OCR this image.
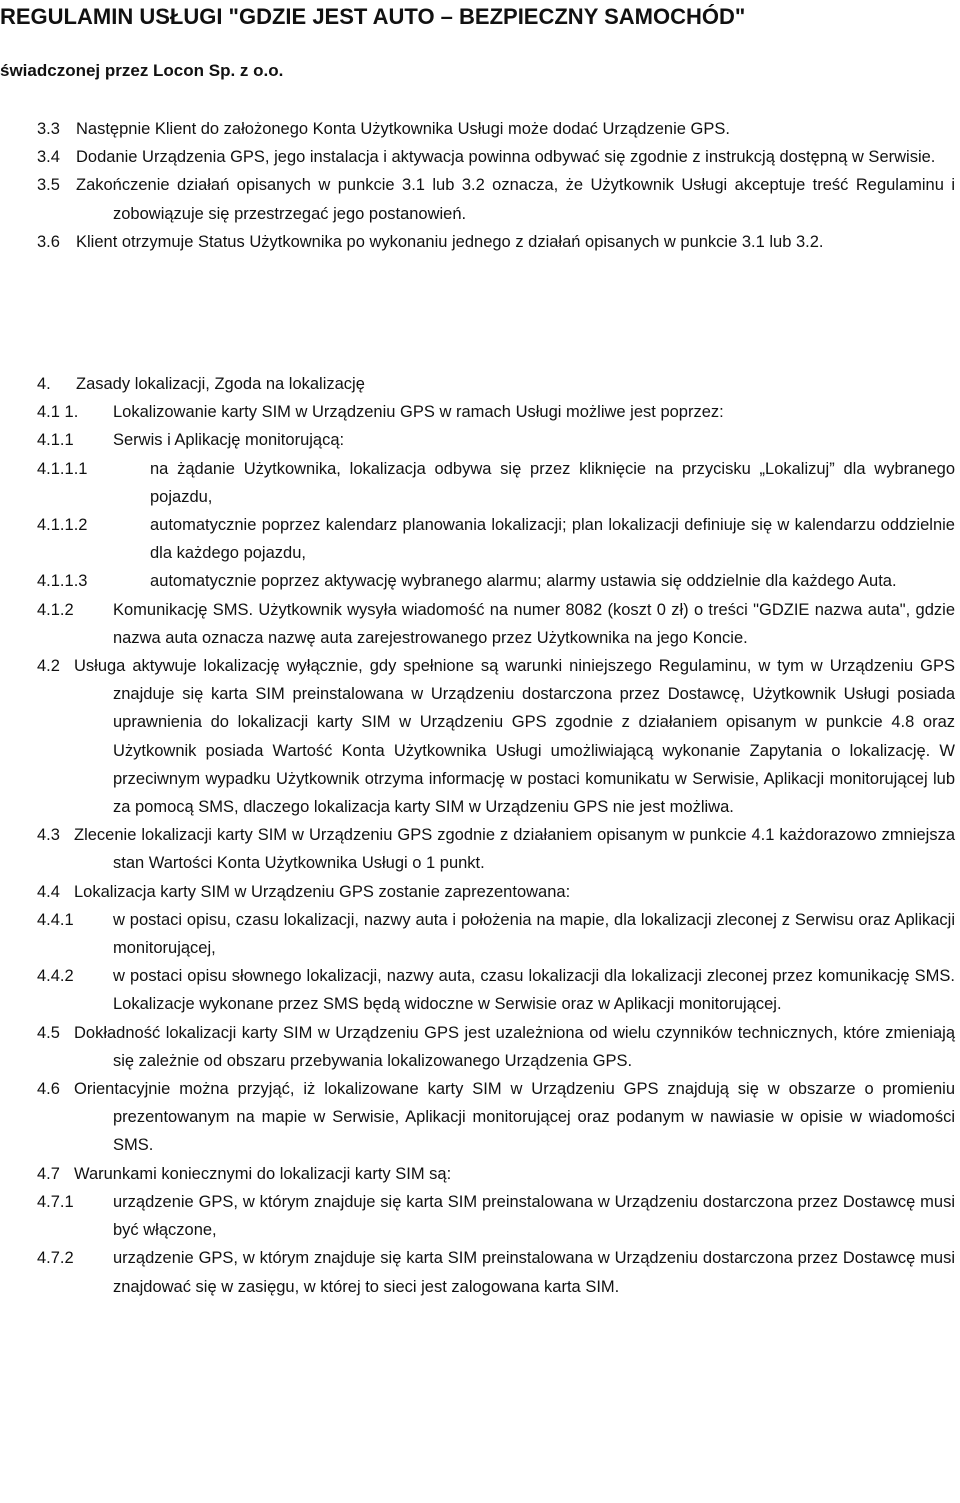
REGULAMIN USŁUGI "GDZIE JEST AUTO – BEZPIECZNY SAMOCHÓD"
świadczonej przez Locon Sp. z o.o.
3.3 Następnie Klient do założonego Konta Użytkownika Usługi może dodać Urządzenie GPS.
3.4 Dodanie Urządzenia GPS, jego instalacja i aktywacja powinna odbywać się zgodnie z instrukcją dostępną w Serwisie.
3.5 Zakończenie działań opisanych w punkcie 3.1 lub 3.2 oznacza, że Użytkownik Usługi akceptuje treść Regulaminu i zobowiązuje się przestrzegać jego postanowień.
3.6 Klient otrzymuje Status Użytkownika po wykonaniu jednego z działań opisanych w punkcie 3.1 lub 3.2.
4.	Zasady lokalizacji, Zgoda na lokalizację
4.1 1.	Lokalizowanie karty SIM w Urządzeniu GPS w ramach Usługi możliwe jest poprzez:
4.1.1	Serwis i Aplikację monitorującą:
4.1.1.1	na żądanie Użytkownika, lokalizacja odbywa się przez kliknięcie na przycisku „Lokalizuj” dla wybranego pojazdu,
4.1.1.2	automatycznie poprzez kalendarz planowania lokalizacji; plan lokalizacji definiuje się w kalendarzu oddzielnie dla każdego pojazdu,
4.1.1.3	automatycznie poprzez aktywację wybranego alarmu; alarmy ustawia się oddzielnie dla każdego Auta.
4.1.2	Komunikację SMS. Użytkownik wysyła wiadomość na numer 8082 (koszt 0 zł) o treści "GDZIE nazwa auta", gdzie nazwa auta oznacza nazwę auta zarejestrowanego przez Użytkownika na jego Koncie.
4.2 Usługa aktywuje lokalizację wyłącznie, gdy spełnione są warunki niniejszego Regulaminu, w tym w Urządzeniu GPS znajduje się karta SIM preinstalowana w Urządzeniu dostarczona przez Dostawcę, Użytkownik Usługi posiada uprawnienia do lokalizacji karty SIM w Urządzeniu GPS zgodnie z działaniem opisanym w punkcie 4.8 oraz Użytkownik posiada Wartość Konta Użytkownika Usługi umożliwiającą wykonanie Zapytania o lokalizację. W przeciwnym wypadku Użytkownik otrzyma informację w postaci komunikatu w Serwisie, Aplikacji monitorującej lub za pomocą SMS, dlaczego lokalizacja karty SIM w Urządzeniu GPS nie jest możliwa.
4.3 Zlecenie lokalizacji karty SIM w Urządzeniu GPS zgodnie z działaniem opisanym w punkcie 4.1 każdorazowo zmniejsza stan Wartości Konta Użytkownika Usługi o 1 punkt.
4.4 Lokalizacja karty SIM w Urządzeniu GPS zostanie zaprezentowana:
4.4.1	w postaci opisu, czasu lokalizacji, nazwy auta i położenia na mapie, dla lokalizacji zleconej z Serwisu oraz Aplikacji monitorującej,
4.4.2	w postaci opisu słownego lokalizacji, nazwy auta, czasu lokalizacji dla lokalizacji zleconej przez komunikację SMS. Lokalizacje wykonane przez SMS będą widoczne w Serwisie oraz w Aplikacji monitorującej.
4.5 Dokładność lokalizacji karty SIM w Urządzeniu GPS jest uzależniona od wielu czynników technicznych, które zmieniają się zależnie od obszaru przebywania lokalizowanego Urządzenia GPS.
4.6 Orientacyjnie można przyjąć, iż lokalizowane karty SIM w Urządzeniu GPS znajdują się w obszarze o promieniu prezentowanym na mapie w Serwisie, Aplikacji monitorującej oraz podanym w nawiasie w opisie w wiadomości SMS.
4.7 Warunkami koniecznymi do lokalizacji karty SIM są:
4.7.1	urządzenie GPS, w którym znajduje się karta SIM preinstalowana w Urządzeniu dostarczona przez Dostawcę musi być włączone,
4.7.2	urządzenie GPS, w którym znajduje się karta SIM preinstalowana w Urządzeniu dostarczona przez Dostawcę musi znajdować się w zasięgu, w której to sieci jest zalogowana karta SIM.
